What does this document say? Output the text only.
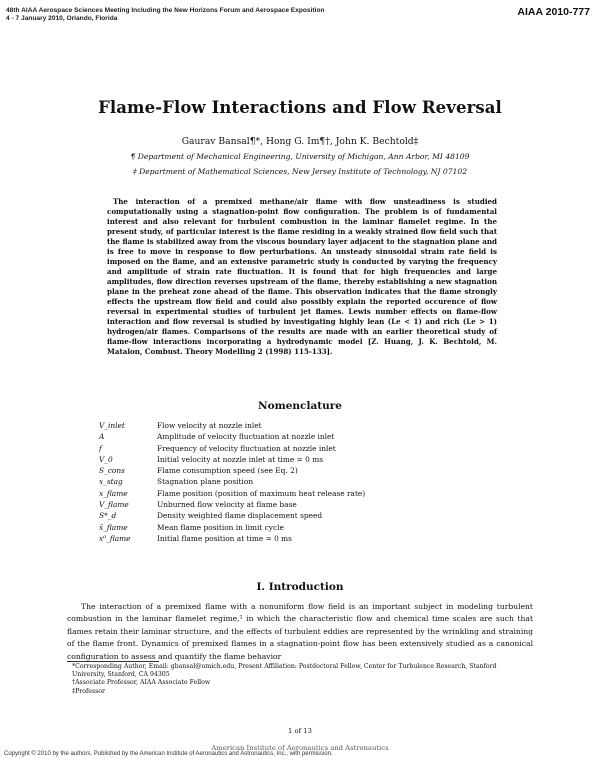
48th AIAA Aerospace Sciences Meeting Including the New Horizons Forum and Aerospace Exposition
4 - 7 January 2010, Orlando, Florida
AIAA 2010-777
Flame-Flow Interactions and Flow Reversal
Gaurav Bansal¶*, Hong G. Im¶†, John K. Bechtold‡
¶ Department of Mechanical Engineering, University of Michigan, Ann Arbor, MI 48109
‡ Department of Mathematical Sciences, New Jersey Institute of Technology, NJ 07102
The interaction of a premixed methane/air flame with flow unsteadiness is studied computationally using a stagnation-point flow configuration. The problem is of fundamental interest and also relevant for turbulent combustion in the laminar flamelet regime. In the present study, of particular interest is the flame residing in a weakly strained flow field such that the flame is stabilized away from the viscous boundary layer adjacent to the stagnation plane and is free to move in response to flow perturbations. An unsteady sinusoidal strain rate field is imposed on the flame, and an extensive parametric study is conducted by varying the frequency and amplitude of strain rate fluctuation. It is found that for high frequencies and large amplitudes, flow direction reverses upstream of the flame, thereby establishing a new stagnation plane in the preheat zone ahead of the flame. This observation indicates that the flame strongly effects the upstream flow field and could also possibly explain the reported occurence of flow reversal in experimental studies of turbulent jet flames. Lewis number effects on flame-flow interaction and flow reversal is studied by investigating highly lean (Le < 1) and rich (Le > 1) hydrogen/air flames. Comparisons of the results are made with an earlier theoretical study of flame-flow interactions incorporating a hydrodynamic model [Z. Huang, J. K. Bechtold, M. Matalon, Combust. Theory Modelling 2 (1998) 115-133].
Nomenclature
V_inlet	Flow velocity at nozzle inlet
A	Amplitude of velocity fluctuation at nozzle inlet
f	Frequency of velocity fluctuation at nozzle inlet
V_0	Initial velocity at nozzle inlet at time = 0 ms
S_cons	Flame consumption speed (see Eq. 2)
x_stag	Stagnation plane position
x_flame	Flame position (position of maximum heat release rate)
V_flame	Unburned flow velocity at flame base
S*_d	Density weighted flame displacement speed
x̄_flame	Mean flame position in limit cycle
x⁰_flame	Initial flame position at time = 0 ms
I. Introduction
The interaction of a premixed flame with a nonuniform flow field is an important subject in modeling turbulent combustion in the laminar flamelet regime,¹ in which the characteristic flow and chemical time scales are such that flames retain their laminar structure, and the effects of turbulent eddies are represented by the wrinkling and straining of the flame front. Dynamics of premixed flames in a stagnation-point flow has been extensively studied as a canonical configuration to assess and quantify the flame behavior
*Corresponding Author, Email: gbansal@umich.edu, Present Affiliation: Postdoctoral Fellow, Center for Turbulence Research, Stanford University, Stanford, CA 94305
†Associate Professor, AIAA Associate Fellow
‡Professor
1 of 13
American Institute of Aeronautics and Astronautics
Copyright © 2010 by the authors. Published by the American Institute of Aeronautics and Astronautics, Inc., with permission.
